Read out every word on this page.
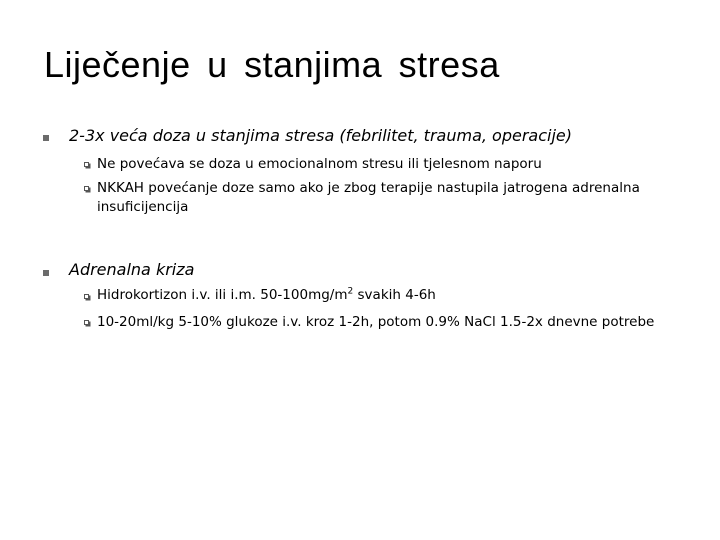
Liječenje u stanjima stresa
2-3x veća doza u stanjima stresa (febrilitet, trauma, operacije)
Ne povećava se doza u emocionalnom stresu ili tjelesnom naporu
NKKAH povećanje doze samo ako je zbog terapije nastupila jatrogena adrenalna insuficijencija
Adrenalna kriza
Hidrokortizon i.v. ili i.m. $50-100mg/m^2$ svakih 4-6h
10-20ml/kg 5-10% glukoze i.v. kroz 1-2h, potom 0.9% NaCl 1.5-2x dnevne potrebe
